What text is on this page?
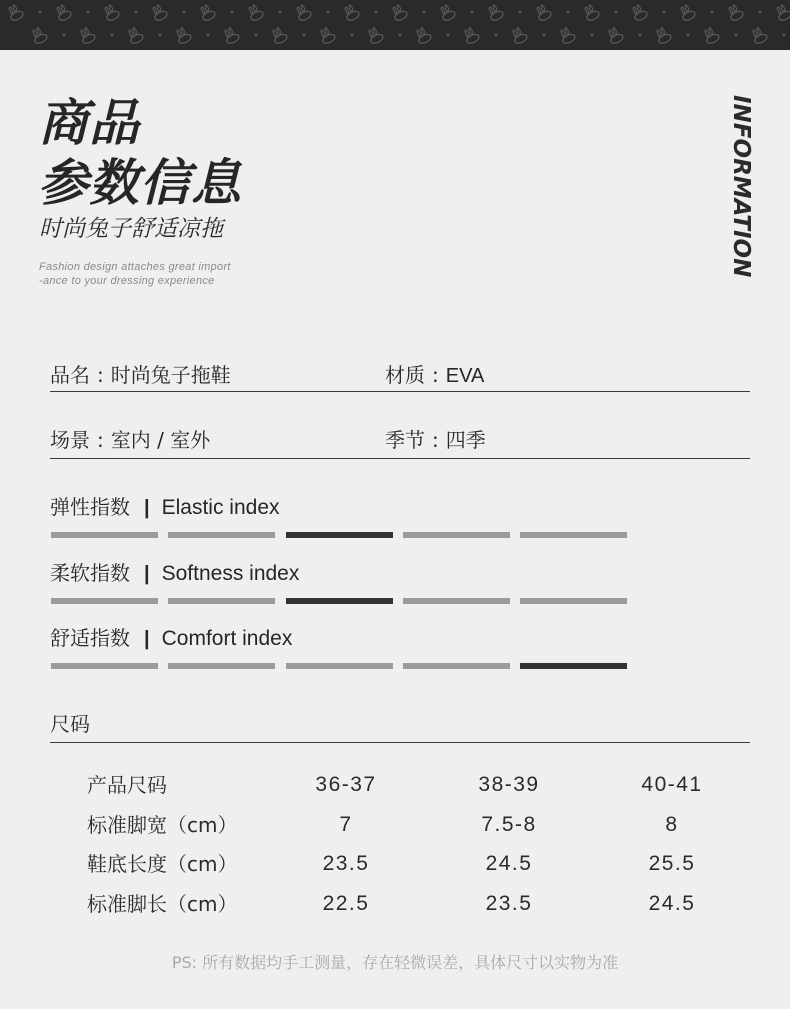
商品
参数信息
时尚兔子舒适凉拖
Fashion design attaches great import
-ance to your dressing experience
INFORMATION
品名 : 时尚兔子拖鞋	材质 : EVA
场景 : 室内 / 室外	季节 : 四季
弹性指数 | Elastic index
柔软指数 | Softness index
舒适指数 | Comfort index
尺码
产品尺码	36-37	38-39	40-41
标准脚宽（cm）	7	7.5-8	8
鞋底长度（cm）	23.5	24.5	25.5
标准脚长（cm）	22.5	23.5	24.5
PS: 所有数据均手工测量，存在轻微误差，具体尺寸以实物为准
